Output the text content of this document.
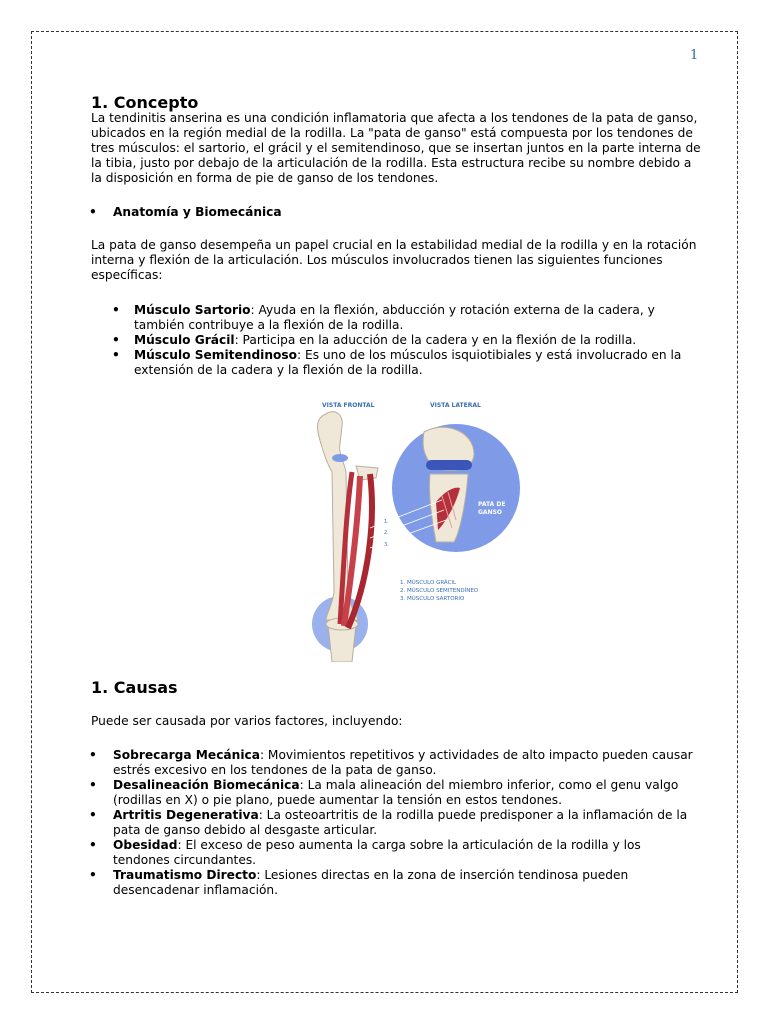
1
1. Concepto

La tendinitis anserina es una condición inflamatoria que afecta a los tendones de la pata de ganso, ubicados en la región medial de la rodilla. La "pata de ganso" está compuesta por los tendones de tres músculos: el sartorio, el grácil y el semitendinoso, que se insertan juntos en la parte interna de la tibia, justo por debajo de la articulación de la rodilla. Esta estructura recibe su nombre debido a la disposición en forma de pie de ganso de los tendones.

• Anatomía y Biomecánica

La pata de ganso desempeña un papel crucial en la estabilidad medial de la rodilla y en la rotación interna y flexión de la articulación. Los músculos involucrados tienen las siguientes funciones específicas:

• Músculo Sartorio: Ayuda en la flexión, abducción y rotación externa de la cadera, y también contribuye a la flexión de la rodilla.
• Músculo Grácil: Participa en la aducción de la cadera y en la flexión de la rodilla.
• Músculo Semitendinoso: Es uno de los músculos isquiotibiales y está involucrado en la extensión de la cadera y la flexión de la rodilla.
VISTA FRONTAL	VISTA LATERAL
PATA DE
GANSO
1.
2.
3.
1. MÚSCULO GRÁCIL
2. MÚSCULO SEMITENDÍNEO
3. MÚSCULO SARTORIO
1. Causas

Puede ser causada por varios factores, incluyendo:

• Sobrecarga Mecánica: Movimientos repetitivos y actividades de alto impacto pueden causar estrés excesivo en los tendones de la pata de ganso.
• Desalineación Biomecánica: La mala alineación del miembro inferior, como el genu valgo (rodillas en X) o pie plano, puede aumentar la tensión en estos tendones.
• Artritis Degenerativa: La osteoartritis de la rodilla puede predisponer a la inflamación de la pata de ganso debido al desgaste articular.
• Obesidad: El exceso de peso aumenta la carga sobre la articulación de la rodilla y los tendones circundantes.
• Traumatismo Directo: Lesiones directas en la zona de inserción tendinosa pueden desencadenar inflamación.
